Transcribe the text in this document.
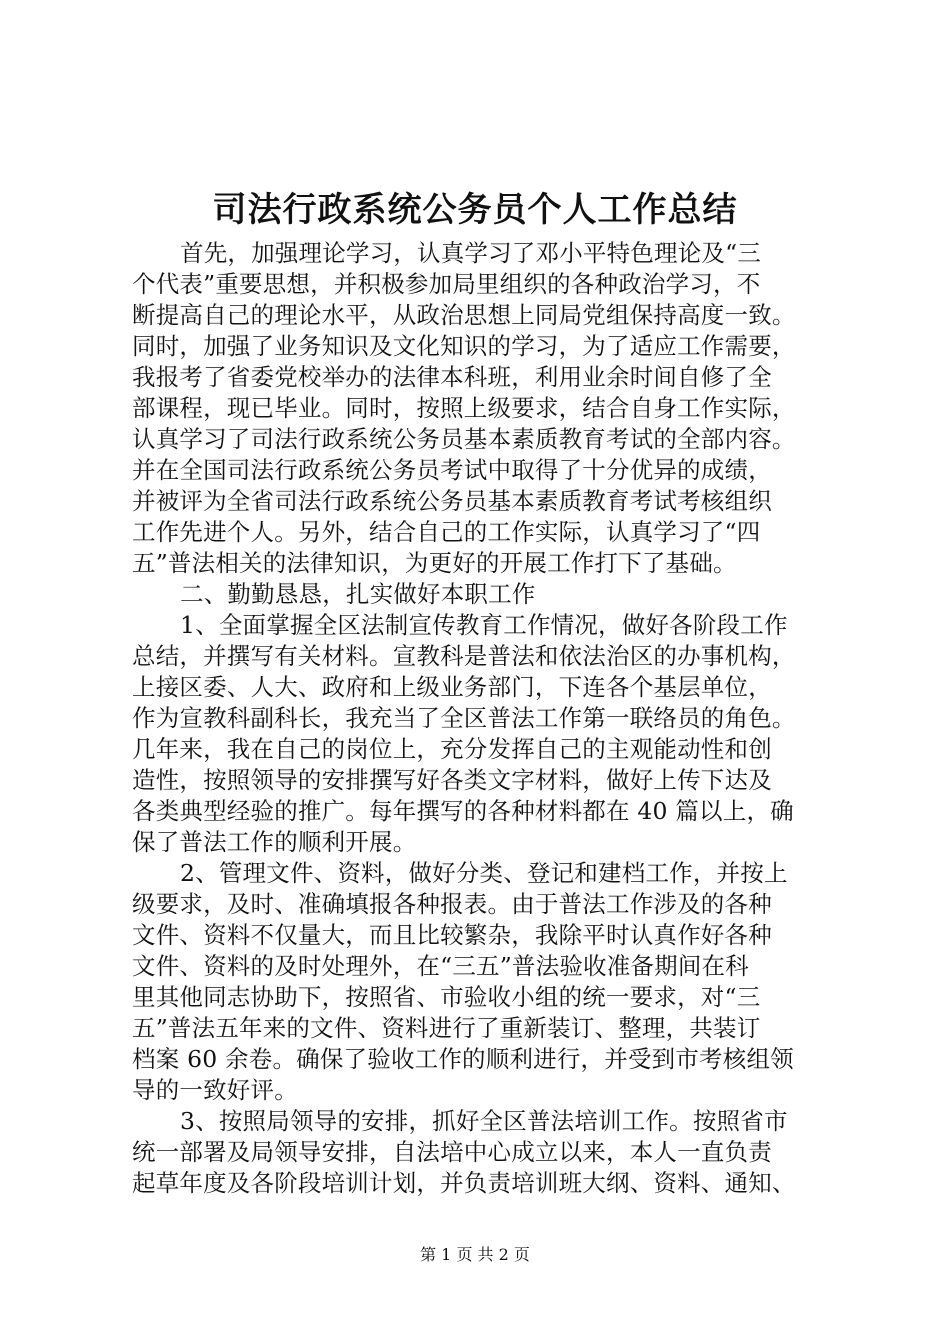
司法行政系统公务员个人工作总结
首先，加强理论学习，认真学习了邓小平特色理论及“三
个代表”重要思想，并积极参加局里组织的各种政治学习，不
断提高自己的理论水平，从政治思想上同局党组保持高度一致。
同时，加强了业务知识及文化知识的学习，为了适应工作需要，
我报考了省委党校举办的法律本科班，利用业余时间自修了全
部课程，现已毕业。同时，按照上级要求，结合自身工作实际，
认真学习了司法行政系统公务员基本素质教育考试的全部内容。
并在全国司法行政系统公务员考试中取得了十分优异的成绩，
并被评为全省司法行政系统公务员基本素质教育考试考核组织
工作先进个人。另外，结合自己的工作实际，认真学习了“四
五”普法相关的法律知识，为更好的开展工作打下了基础。
二、勤勤恳恳，扎实做好本职工作
1、全面掌握全区法制宣传教育工作情况，做好各阶段工作
总结，并撰写有关材料。宣教科是普法和依法治区的办事机构，
上接区委、人大、政府和上级业务部门，下连各个基层单位，
作为宣教科副科长，我充当了全区普法工作第一联络员的角色。
几年来，我在自己的岗位上，充分发挥自己的主观能动性和创
造性，按照领导的安排撰写好各类文字材料，做好上传下达及
各类典型经验的推广。每年撰写的各种材料都在 40 篇以上，确
保了普法工作的顺利开展。
2、管理文件、资料，做好分类、登记和建档工作，并按上
级要求，及时、准确填报各种报表。由于普法工作涉及的各种
文件、资料不仅量大，而且比较繁杂，我除平时认真作好各种
文件、资料的及时处理外，在“三五”普法验收准备期间在科
里其他同志协助下，按照省、市验收小组的统一要求，对“三
五”普法五年来的文件、资料进行了重新装订、整理，共装订
档案 60 余卷。确保了验收工作的顺利进行，并受到市考核组领
导的一致好评。
3、按照局领导的安排，抓好全区普法培训工作。按照省市
统一部署及局领导安排，自法培中心成立以来，本人一直负责
起草年度及各阶段培训计划，并负责培训班大纲、资料、通知、
第 1 页 共 2 页
